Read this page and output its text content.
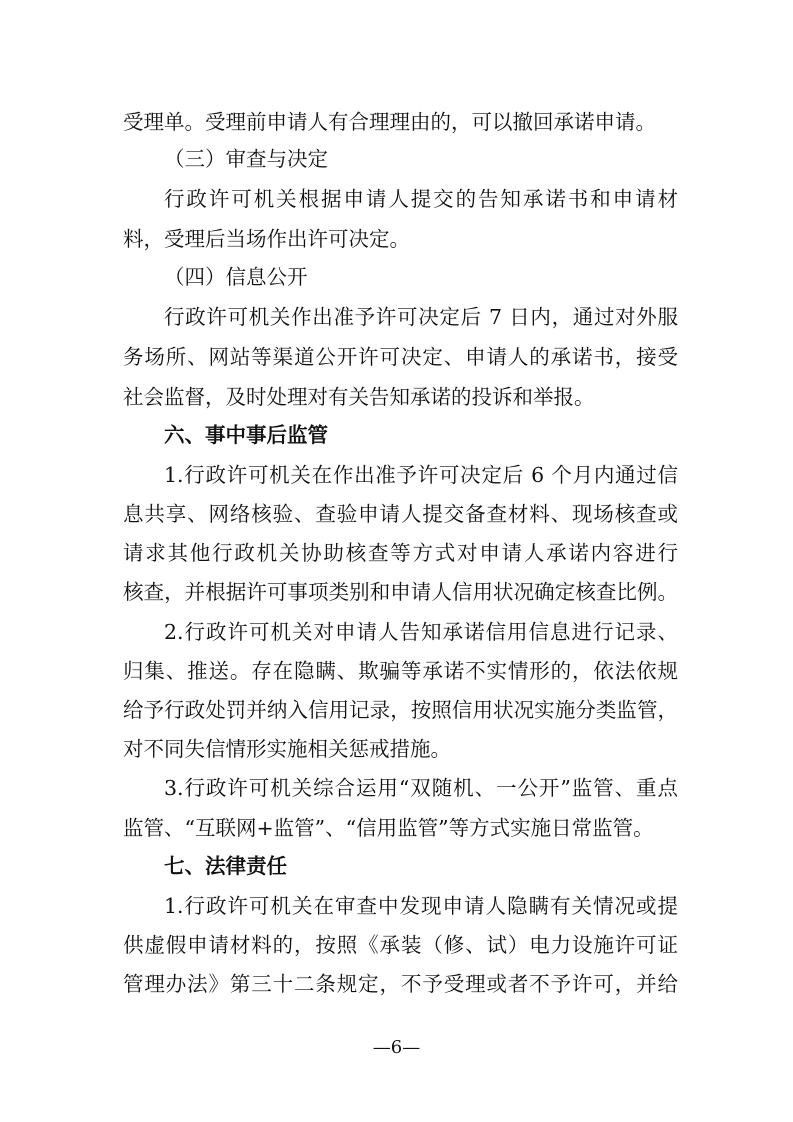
受理单。受理前申请人有合理理由的，可以撤回承诺申请。
（三）审查与决定
行政许可机关根据申请人提交的告知承诺书和申请材
料，受理后当场作出许可决定。
（四）信息公开
行政许可机关作出准予许可决定后 7 日内，通过对外服
务场所、网站等渠道公开许可决定、申请人的承诺书，接受
社会监督，及时处理对有关告知承诺的投诉和举报。
六、事中事后监管
1.行政许可机关在作出准予许可决定后 6 个月内通过信
息共享、网络核验、查验申请人提交备查材料、现场核查或
请求其他行政机关协助核查等方式对申请人承诺内容进行
核查，并根据许可事项类别和申请人信用状况确定核查比例。
2.行政许可机关对申请人告知承诺信用信息进行记录、
归集、推送。存在隐瞒、欺骗等承诺不实情形的，依法依规
给予行政处罚并纳入信用记录，按照信用状况实施分类监管，
对不同失信情形实施相关惩戒措施。
3.行政许可机关综合运用“双随机、一公开”监管、重点
监管、“互联网+监管”、“信用监管”等方式实施日常监管。
七、法律责任
1.行政许可机关在审查中发现申请人隐瞒有关情况或提
供虚假申请材料的，按照《承装（修、试）电力设施许可证
管理办法》第三十二条规定，不予受理或者不予许可，并给
—6—
